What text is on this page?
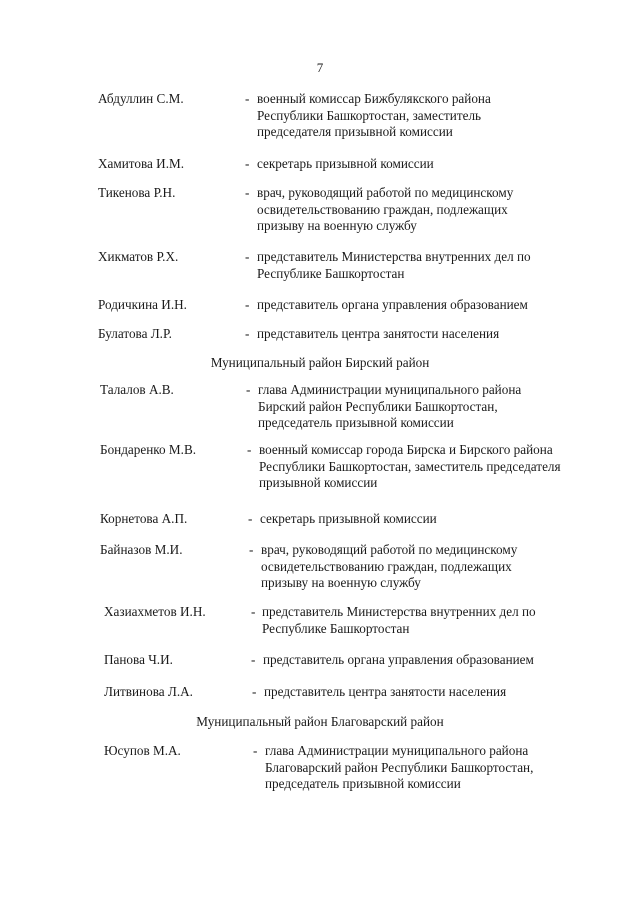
7
Абдуллин С.М.	- военный комиссар Бижбулякского района Республики Башкортостан, заместитель председателя призывной комиссии
Хамитова И.М.	- секретарь призывной комиссии
Тикенова Р.Н.	- врач, руководящий работой по медицинскому освидетельствованию граждан, подлежащих призыву на военную службу
Хикматов Р.Х.	- представитель Министерства внутренних дел по Республике Башкортостан
Родичкина И.Н.	- представитель органа управления образованием
Булатова Л.Р.	- представитель центра занятости населения
Муниципальный район Бирский район
Талалов А.В.	- глава Администрации муниципального района Бирский район Республики Башкортостан, председатель призывной комиссии
Бондаренко М.В.	- военный комиссар города Бирска и Бирского района Республики Башкортостан, заместитель председателя призывной комиссии
Корнетова А.П.	- секретарь призывной комиссии
Байназов М.И.	- врач, руководящий работой по медицинскому освидетельствованию граждан, подлежащих призыву на военную службу
Хазиахметов И.Н.	- представитель Министерства внутренних дел по Республике Башкортостан
Панова Ч.И.	- представитель органа управления образованием
Литвинова Л.А.	- представитель центра занятости населения
Муниципальный район Благоварский район
Юсупов М.А.	- глава Администрации муниципального района Благоварский район Республики Башкортостан, председатель призывной комиссии
